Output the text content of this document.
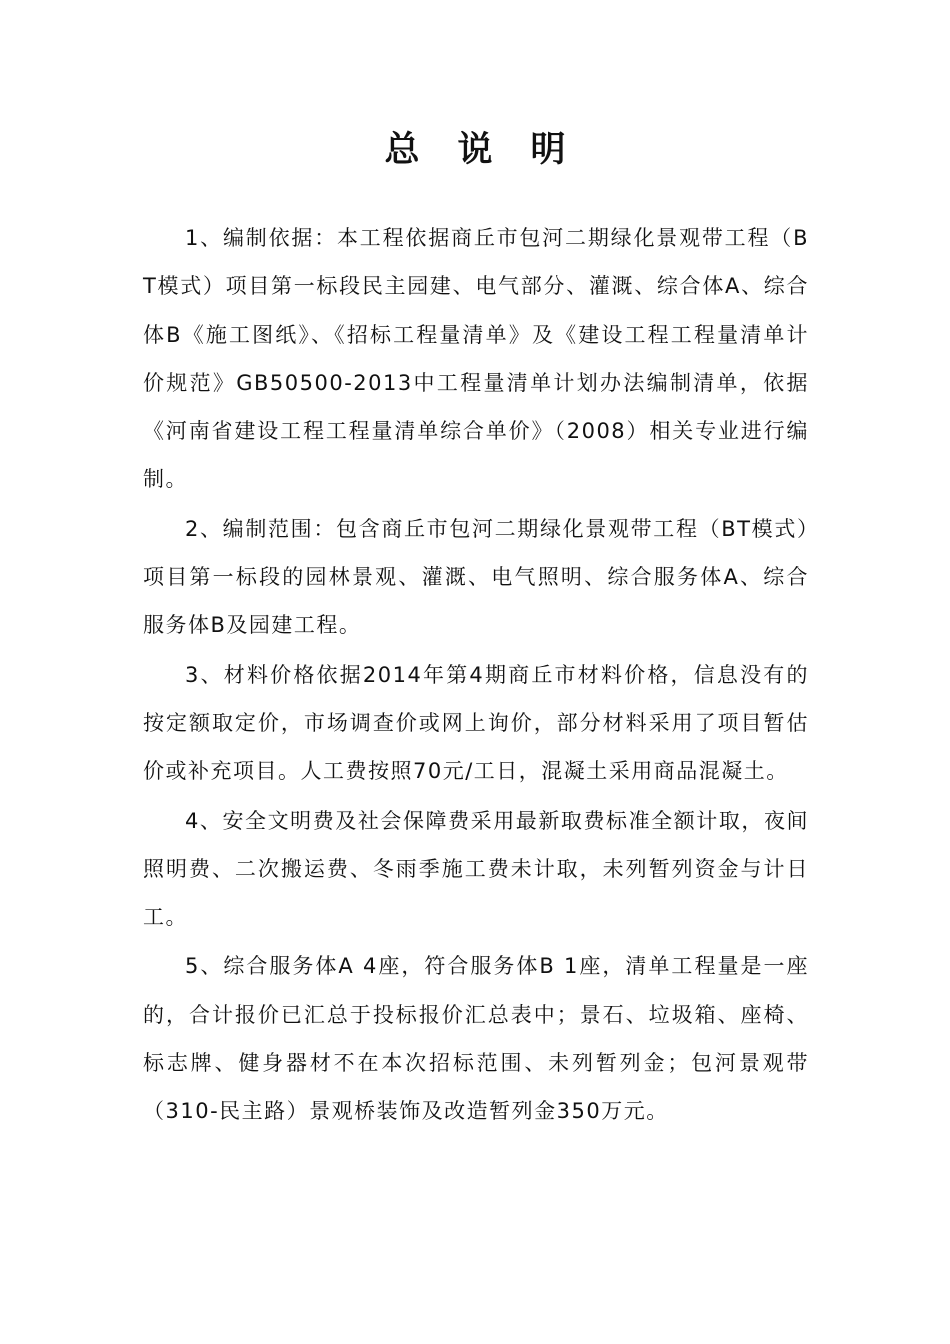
总说明

1、编制依据：本工程依据商丘市包河二期绿化景观带工程（BT模式）项目第一标段民主园建、电气部分、灌溉、综合体A、综合体B《施工图纸》、《招标工程量清单》及《建设工程工程量清单计价规范》GB50500-2013中工程量清单计划办法编制清单，依据《河南省建设工程工程量清单综合单价》（2008）相关专业进行编制。

2、编制范围：包含商丘市包河二期绿化景观带工程（BT模式）项目第一标段的园林景观、灌溉、电气照明、综合服务体A、综合服务体B及园建工程。

3、材料价格依据2014年第4期商丘市材料价格，信息没有的按定额取定价，市场调查价或网上询价，部分材料采用了项目暂估价或补充项目。人工费按照70元/工日，混凝土采用商品混凝土。

4、安全文明费及社会保障费采用最新取费标准全额计取，夜间照明费、二次搬运费、冬雨季施工费未计取，未列暂列资金与计日工。

5、综合服务体A 4座，符合服务体B 1座，清单工程量是一座的，合计报价已汇总于投标报价汇总表中；景石、垃圾箱、座椅、标志牌、健身器材不在本次招标范围、未列暂列金；包河景观带（310-民主路）景观桥装饰及改造暂列金350万元。
